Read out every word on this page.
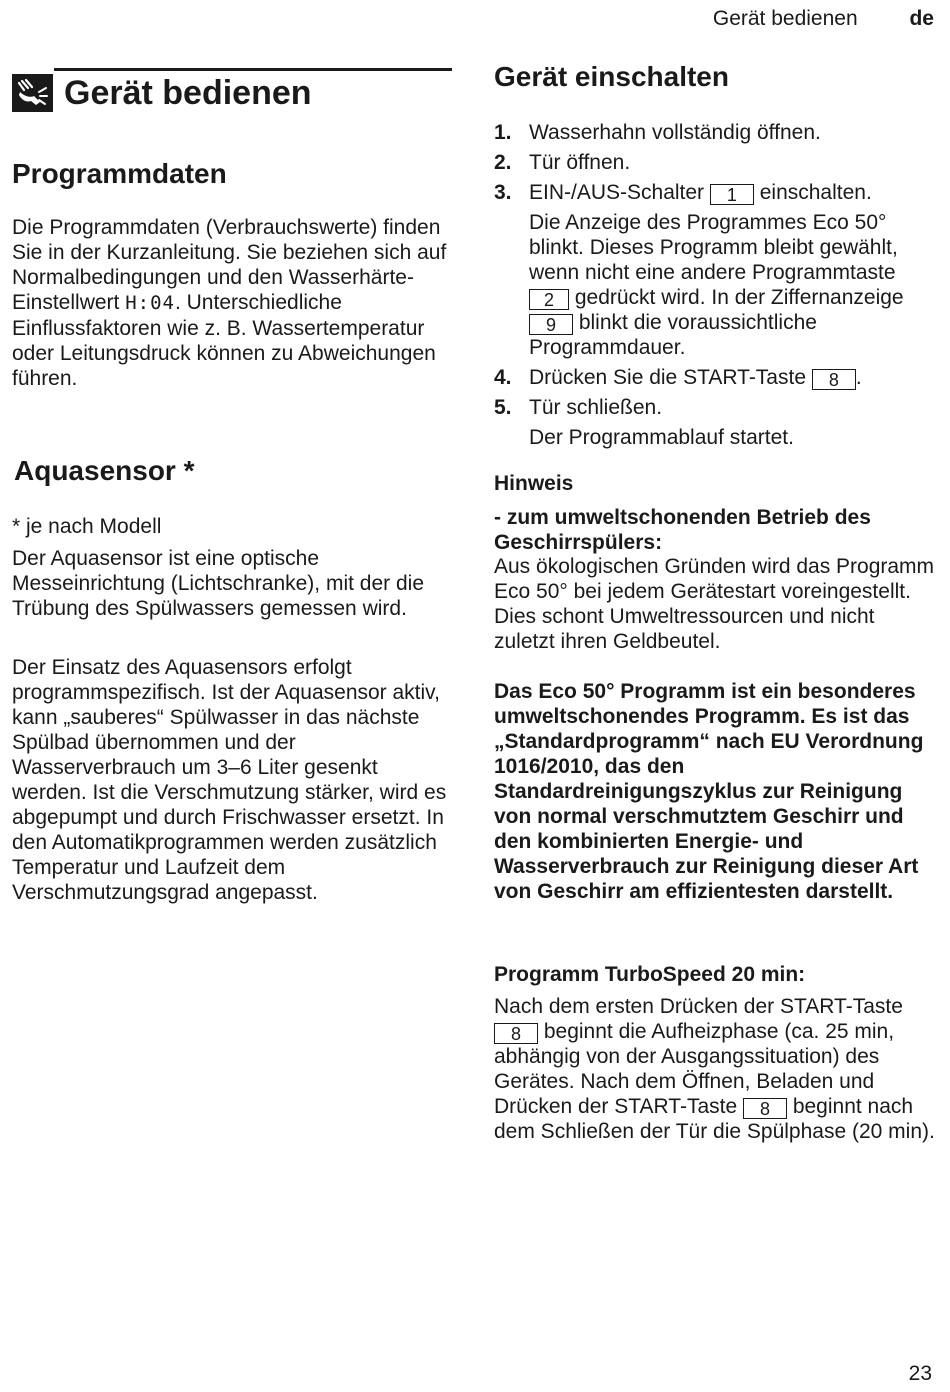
Gerät bedienen de
Gerät bedienen
Programmdaten

Die Programmdaten (Verbrauchswerte) finden Sie in der Kurzanleitung. Sie beziehen sich auf Normalbedingungen und den Wasserhärte-Einstellwert H:04. Unterschiedliche Einflussfaktoren wie z. B. Wassertemperatur oder Leitungsdruck können zu Abweichungen führen.

Aquasensor *

* je nach Modell

Der Aquasensor ist eine optische Messeinrichtung (Lichtschranke), mit der die Trübung des Spülwassers gemessen wird.

Der Einsatz des Aquasensors erfolgt programmspezifisch. Ist der Aquasensor aktiv, kann „sauberes“ Spülwasser in das nächste Spülbad übernommen und der Wasserverbrauch um 3–6 Liter gesenkt werden. Ist die Verschmutzung stärker, wird es abgepumpt und durch Frischwasser ersetzt. In den Automatikprogrammen werden zusätzlich Temperatur und Laufzeit dem Verschmutzungsgrad angepasst.

Gerät einschalten
1. Wasserhahn vollständig öffnen.
2. Tür öffnen.
3. EIN-/AUS-Schalter 1 einschalten.

Die Anzeige des Programmes Eco 50° blinkt. Dieses Programm bleibt gewählt, wenn nicht eine andere Programmtaste 2 gedrückt wird. In der Ziffernanzeige 9 blinkt die voraussichtliche Programmdauer.

4. Drücken Sie die START-Taste 8 .
5. Tür schließen.

Der Programmablauf startet.

Hinweis

- zum umweltschonenden Betrieb des Geschirrspülers:

Aus ökologischen Gründen wird das Programm Eco 50° bei jedem Gerätestart voreingestellt. Dies schont Umweltressourcen und nicht zuletzt ihren Geldbeutel.

Das Eco 50° Programm ist ein besonderes umweltschonendes Programm. Es ist das „Standardprogramm“ nach EU Verordnung 1016/2010, das den Standardreinigungszyklus zur Reinigung von normal verschmutztem Geschirr und den kombinierten Energie- und Wasserverbrauch zur Reinigung dieser Art von Geschirr am effizientesten darstellt.

Programm TurboSpeed 20 min:

Nach dem ersten Drücken der START-Taste 8 beginnt die Aufheizphase (ca. 25 min, abhängig von der Ausgangssituation) des Gerätes. Nach dem Öffnen, Beladen und Drücken der START-Taste 8 beginnt nach dem Schließen der Tür die Spülphase (20 min).

23
